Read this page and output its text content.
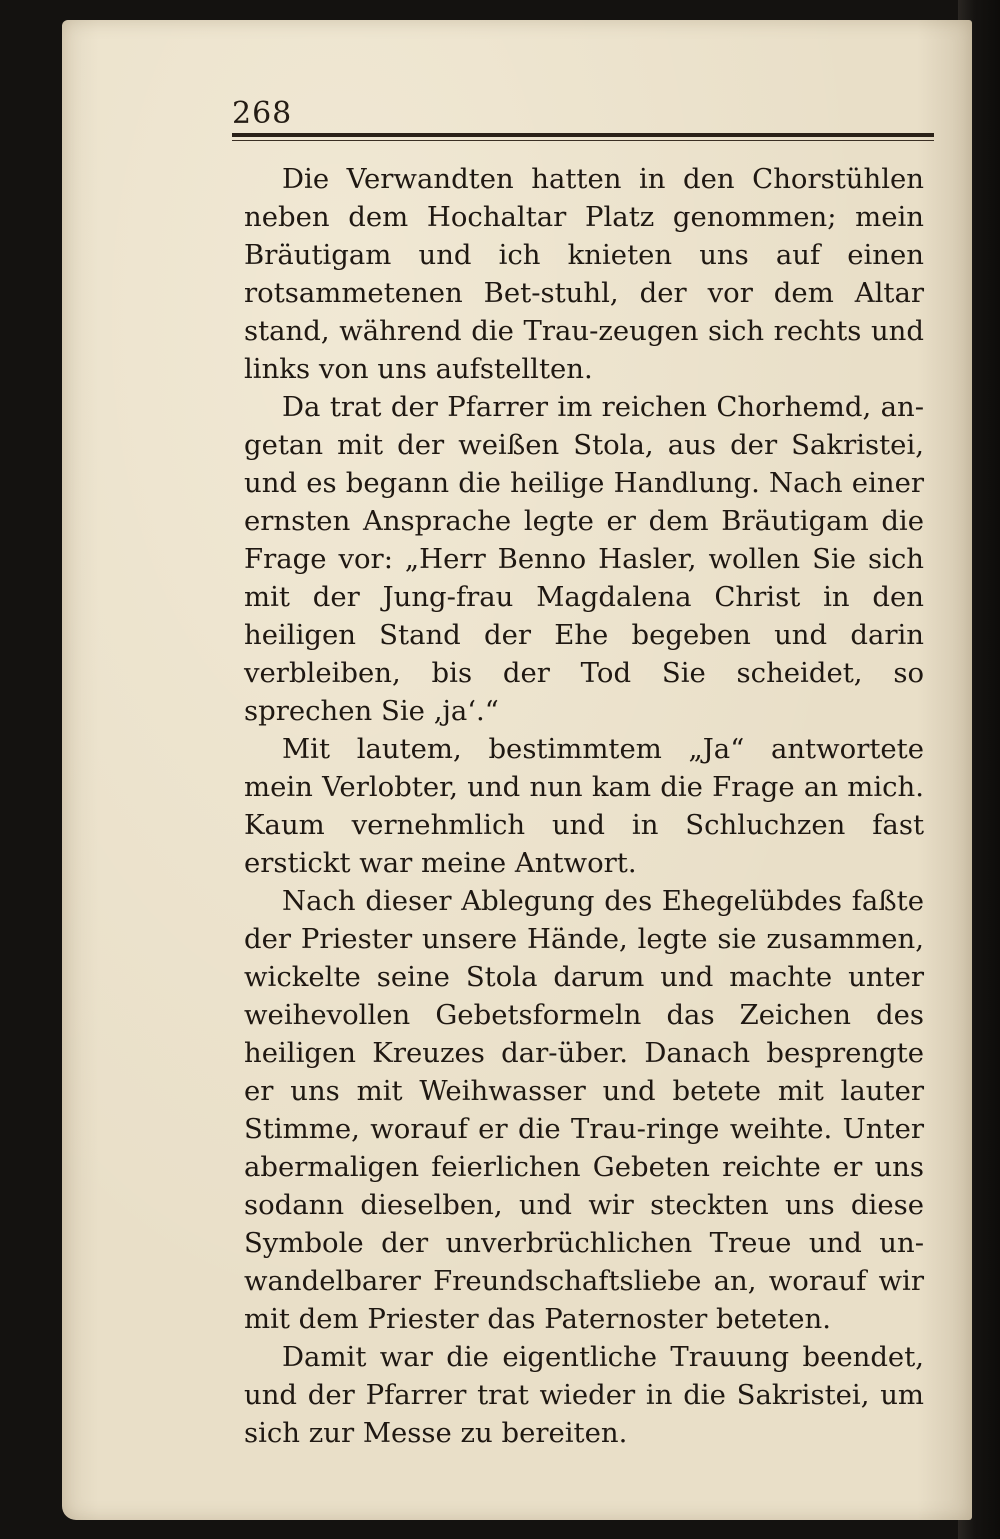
268

Die Verwandten hatten in den Chorstühlen neben dem Hochaltar Platz genommen; mein Bräutigam und ich knieten uns auf einen rotsammetenen Bet-stuhl, der vor dem Altar stand, während die Trau-zeugen sich rechts und links von uns aufstellten.

Da trat der Pfarrer im reichen Chorhemd, an-getan mit der weißen Stola, aus der Sakristei, und es begann die heilige Handlung. Nach einer ernsten Ansprache legte er dem Bräutigam die Frage vor: „Herr Benno Hasler, wollen Sie sich mit der Jung-frau Magdalena Christ in den heiligen Stand der Ehe begeben und darin verbleiben, bis der Tod Sie scheidet, so sprechen Sie ‚ja‘.“

Mit lautem, bestimmtem „Ja“ antwortete mein Verlobter, und nun kam die Frage an mich. Kaum vernehmlich und in Schluchzen fast erstickt war meine Antwort.

Nach dieser Ablegung des Ehegelübdes faßte der Priester unsere Hände, legte sie zusammen, wickelte seine Stola darum und machte unter weihevollen Gebetsformeln das Zeichen des heiligen Kreuzes dar-über. Danach besprengte er uns mit Weihwasser und betete mit lauter Stimme, worauf er die Trau-ringe weihte. Unter abermaligen feierlichen Gebeten reichte er uns sodann dieselben, und wir steckten uns diese Symbole der unverbrüchlichen Treue und un-wandelbarer Freundschaftsliebe an, worauf wir mit dem Priester das Paternoster beteten.

Damit war die eigentliche Trauung beendet, und der Pfarrer trat wieder in die Sakristei, um sich zur Messe zu bereiten.
